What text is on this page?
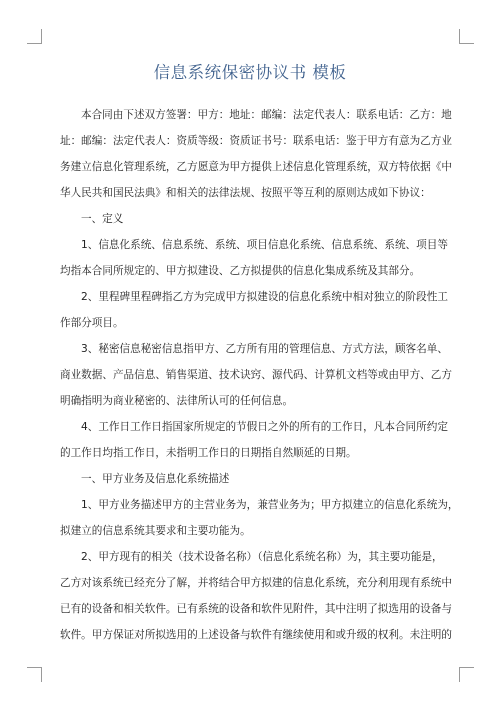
信息系统保密协议书 模板
本合同由下述双方签署：甲方：地址：邮编：法定代表人：联系电话：乙方：地
址：邮编：法定代表人：资质等级：资质证书号：联系电话：鉴于甲方有意为乙方业
务建立信息化管理系统，乙方愿意为甲方提供上述信息化管理系统，双方特依据《中
华人民共和国民法典》和相关的法律法规、按照平等互利的原则达成如下协议：
一、定义
1、信息化系统、信息系统、系统、项目信息化系统、信息系统、系统、项目等
均指本合同所规定的、甲方拟建设、乙方拟提供的信息化集成系统及其部分。
2、里程碑里程碑指乙方为完成甲方拟建设的信息化系统中相对独立的阶段性工
作部分项目。
3、秘密信息秘密信息指甲方、乙方所有用的管理信息、方式方法，顾客名单、
商业数据、产品信息、销售渠道、技术诀窍、源代码、计算机文档等或由甲方、乙方
明确指明为商业秘密的、法律所认可的任何信息。
4、工作日工作日指国家所规定的节假日之外的所有的工作日，凡本合同所约定
的工作日均指工作日，未指明工作日的日期指自然顺延的日期。
一、甲方业务及信息化系统描述
1、甲方业务描述甲方的主营业务为，兼营业务为；甲方拟建立的信息化系统为，
拟建立的信息系统其要求和主要功能为。
2、甲方现有的相关（技术设备名称）（信息化系统名称）为，其主要功能是，
乙方对该系统已经充分了解，并将结合甲方拟建的信息化系统，充分利用现有系统中
已有的设备和相关软件。已有系统的设备和软件见附件，其中注明了拟选用的设备与
软件。甲方保证对所拟选用的上述设备与软件有继续使用和或升级的权利。未注明的
